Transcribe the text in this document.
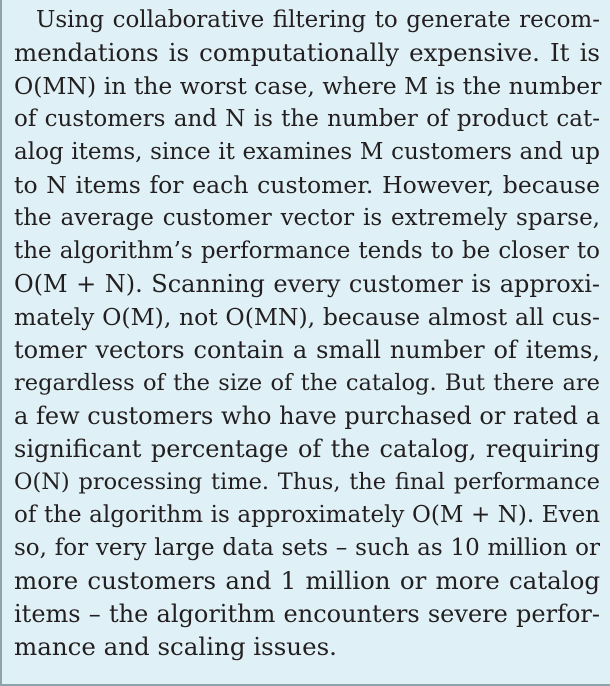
Using collaborative filtering to generate recom-
mendations is computationally expensive. It is
O(MN) in the worst case, where M is the number
of customers and N is the number of product cat-
alog items, since it examines M customers and up
to N items for each customer. However, because
the average customer vector is extremely sparse,
the algorithm’s performance tends to be closer to
O(M + N). Scanning every customer is approxi-
mately O(M), not O(MN), because almost all cus-
tomer vectors contain a small number of items,
regardless of the size of the catalog. But there are
a few customers who have purchased or rated a
significant percentage of the catalog, requiring
O(N) processing time. Thus, the final performance
of the algorithm is approximately O(M + N). Even
so, for very large data sets – such as 10 million or
more customers and 1 million or more catalog
items – the algorithm encounters severe perfor-
mance and scaling issues.
